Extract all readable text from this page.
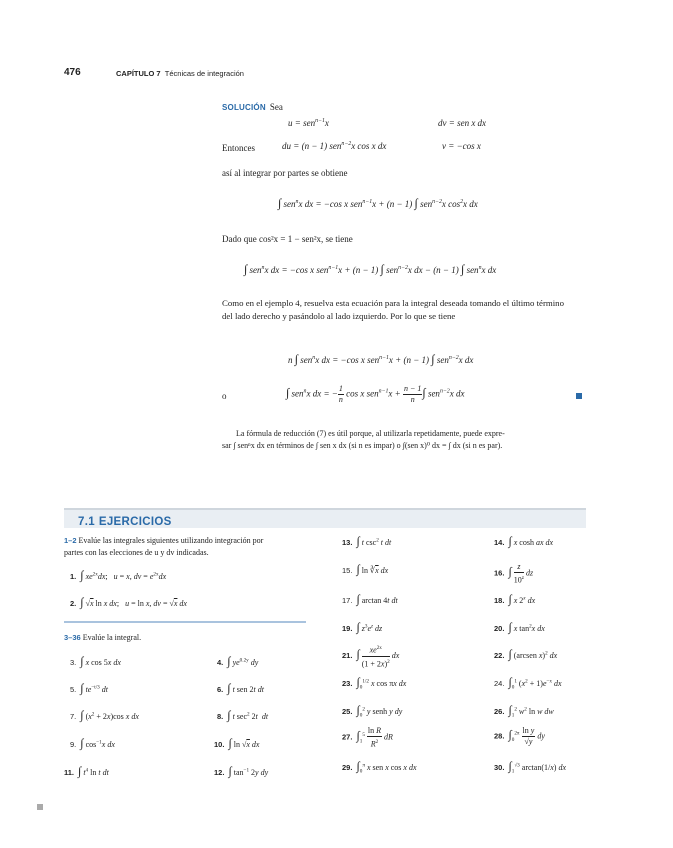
476	CAPÍTULO 7 Técnicas de integración
SOLUCIÓN Sea
u = sen$^{n-1}$x	dv = sen x dx
Entonces	du = (n − 1) sen$^{n-2}$x cos x dx	v = −cos x
así al integrar por partes se obtiene
∫ sen$^n$x dx = −cos x sen$^{n-1}$x + (n − 1) ∫ sen$^{n-2}$x $\cos^2x$ dx
Dado que cos²x = 1 − sen²x, se tiene
∫ sen$^n$x dx = −cos x sen$^{n-1}$x + (n − 1) ∫ sen$^{n-2}$x dx − (n − 1) ∫ sen$^n$x dx
Como en el ejemplo 4, resuelva esta ecuación para la integral deseada tomando el último término del lado derecho y pasándolo al lado izquierdo. Por lo que se tiene
n ∫ sen$^n$x dx = −cos x sen$^{n-1}$x + (n − 1) ∫ sen$^{n-2}$x dx
o	∫ sen$^n$x dx = − $\frac{1}{n}$ cos x $sen^{n-1}x + \frac{n - 1}{n}$ ∫ sen$^{n-2}$x dx
La fórmula de reducción (7) es útil porque, al utilizarla repetidamente, puede expre-
sar ∫ senⁿx dx en términos de ∫ sen x dx (si n es impar) o ∫(sen x)⁰ dx = ∫ dx (si n es par).
7.1 EJERCICIOS
1–2 Evalúe las integrales siguientes utilizando integración por
partes con las elecciones de u y dv indicadas.
1. ∫ $xe^{2x}dx$;   u = x, dv = $e^{2x}dx$
2. ∫ √x ln x dx;   u = ln x, dv = √x dx
3–36 Evalúe la integral.
3. ∫ x cos 5x dx	4. ∫ $ye^{0.2y}$ dy
5. ∫ $te^{-t/3}$ dt	6. ∫ t sen 2t dt
7. ∫ $(x^2 + 2x)\cos$ x dx	8. ∫ t $\sec^2 2t$ dt
9. ∫ $\cos^{-1}x$ dx	10. ∫ ln √x dx
11. ∫ $t^4$ ln t dt	12. ∫ $\tan^{-1} 2y$ dy
13. ∫ t $\csc^2 t$ dt	14. ∫ x cosh ax dx
15. ∫ $\ln ∛\overline{x}$ dx	16. ∫ $\frac{z}{10^z}$ dz
17. ∫ arctan 4t dt	18. ∫ x 2$^x$ dx
19. ∫ $z^3e^z$ dz	20. ∫ x $\tan^2x$ dx
21. ∫ $\frac{xe^{2x}}{(1 + 2x)^2}$ dx	22. ∫ (arcsen x)$^2$ dx
23. $\int_0^{1/2}$ x cos πx dx	24. $\int_0^1$ $(x^2 + 1)e^{-x}$ dx
25. $\int_0^2$ y senh y dy	26. $\int_1^2$ $w^2$ ln w dw
27. $\int_1^5 \frac{\text{ln R}}{R^2}$ dR	28. $\int_0^{2\pi} \frac{\text{ln y}}{√y}$ dy
29. $\int_0^\pi$ x sen x cos x dx	30. $\int_1^{√3}$ arctan(1/x) dx
